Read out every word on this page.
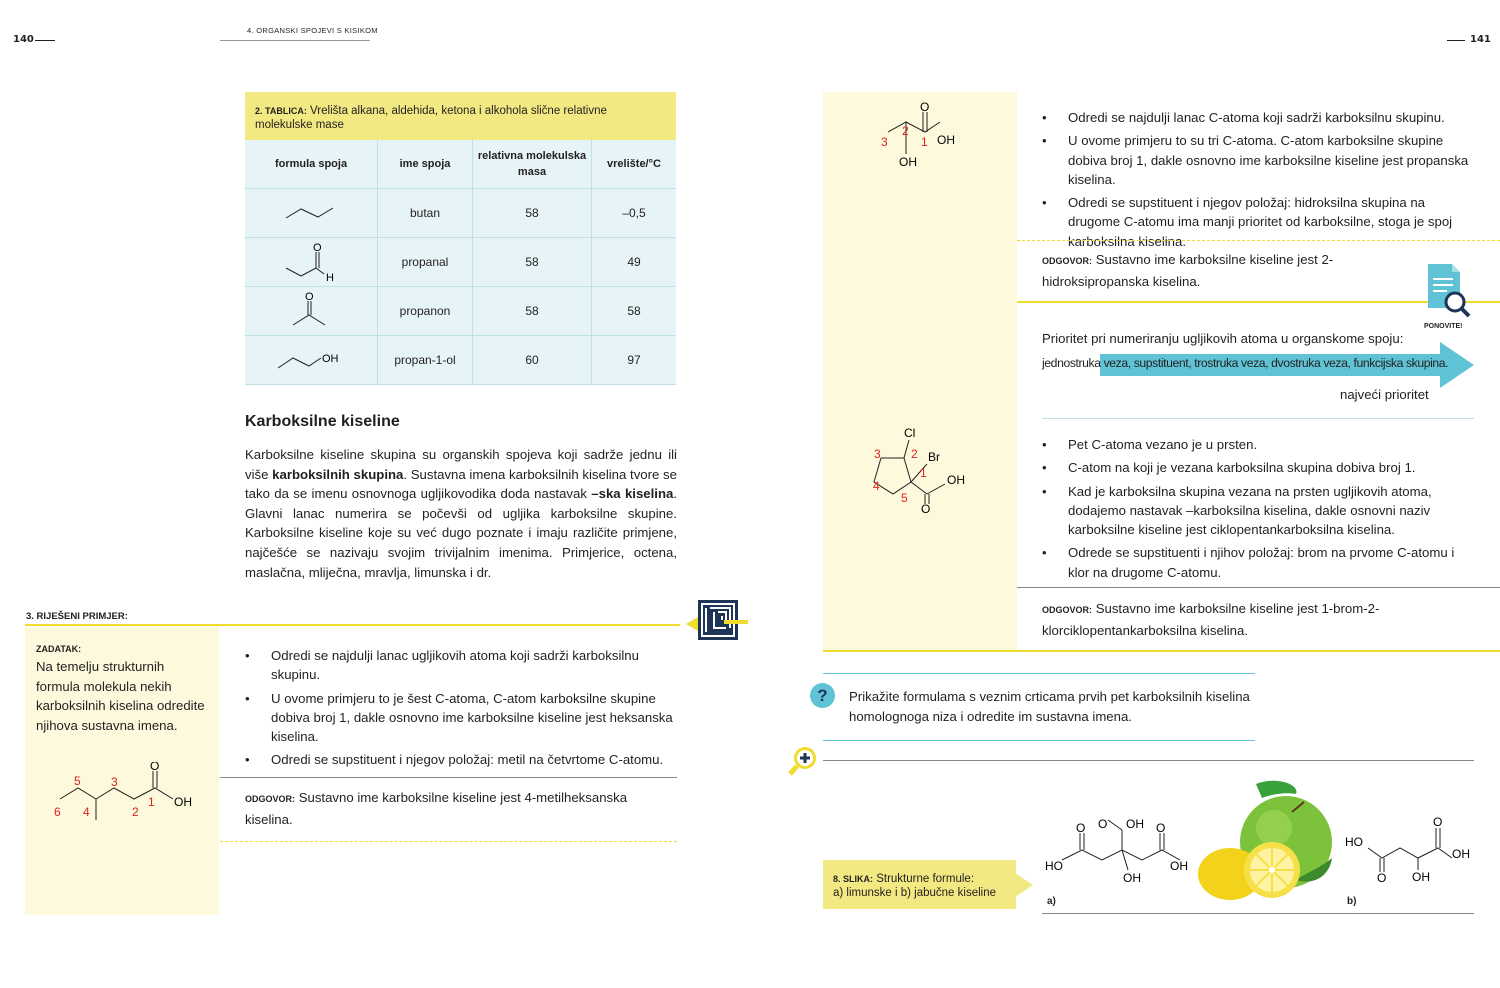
140
4. ORGANSKI SPOJEVI S KISIKOM
141
2. TABLICA: Vrelišta alkana, aldehida, ketona i alkohola slične relativne molekulske mase
formula spoja	ime spoja	relativna molekulska masa	vrelište/°C
	butan	58	–0,5

O
H	propanal	58	49

O	propanon	58	58

OH	propan-1-ol	60	97
Karboksilne kiseline
Karboksilne kiseline skupina su organskih spojeva koji sadrže jednu ili više karboksilnih skupina. Sustavna imena karboksilnih kiselina tvore se tako da se imenu osnovnoga ugljikovodika doda nastavak –ska kiselina. Glavni lanac numerira se počevši od ugljika karboksilne skupine. Karboksilne kiseline koje su već dugo poznate i imaju različite primjene, najčešće se nazivaju svojim trivijalnim imenima. Primjerice, octena, maslačna, mliječna, mravlja, limunska i dr.
3. RIJEŠENI PRIMJER:
ZADATAK:
Na temelju strukturnih formula molekula nekih karboksilnih kiselina odredite njihova sustavna imena.
O
OH
1
2
3
4
5
6
• Odredi se najdulji lanac ugljikovih atoma koji sadrži karboksilnu skupinu.
• U ovome primjeru to je šest C-atoma, C-atom karboksilne skupine dobiva broj 1, dakle osnovno ime karboksilne kiseline jest heksanska kiselina.
• Odredi se supstituent i njegov položaj: metil na četvrtome C-atomu.
ODGOVOR: Sustavno ime karboksilne kiseline jest 4-metilheksanska kiselina.
O
OH
OH
1
2
3
• Odredi se najdulji lanac C-atoma koji sadrži karboksilnu skupinu.
• U ovome primjeru to su tri C-atoma. C-atom karboksilne skupine dobiva broj 1, dakle osnovno ime karboksilne kiseline jest propanska kiselina.
• Odredi se supstituent i njegov položaj: hidroksilna skupina na drugome C-atomu ima manji prioritet od karboksilne, stoga je spoj karboksilna kiselina.
ODGOVOR: Sustavno ime karboksilne kiseline jest 2-hidroksipropanska kiselina.
PONOVITE!
Prioritet pri numeriranju ugljikovih atoma u organskome spoju:
jednostruka veza, supstituent, trostruka veza, dvostruka veza, funkcijska skupina.
najveći prioritet
Cl
Br
O
OH
1
2
3
4
5
• Pet C-atoma vezano je u prsten.
• C-atom na koji je vezana karboksilna skupina dobiva broj 1.
• Kad je karboksilna skupina vezana na prsten ugljikovih atoma, dodajemo nastavak –karboksilna kiselina, dakle osnovni naziv karboksilne kiseline jest ciklopentankarboksilna kiselina.
• Odrede se supstituenti i njihov položaj: brom na prvome C-atomu i klor na drugome C-atomu.
ODGOVOR: Sustavno ime karboksilne kiseline jest 1-brom-2-klorciklopentankarboksilna kiselina.
?	Prikažite formulama s veznim crticama prvih pet karboksilnih kiselina homolognoga niza i odredite im sustavna imena.
8. SLIKA: Strukturne formule:
a) limunske i b) jabučne kiseline
O	O
O OH
HO	OH
OH
a)
HO
O
O
OH
OH
b)
